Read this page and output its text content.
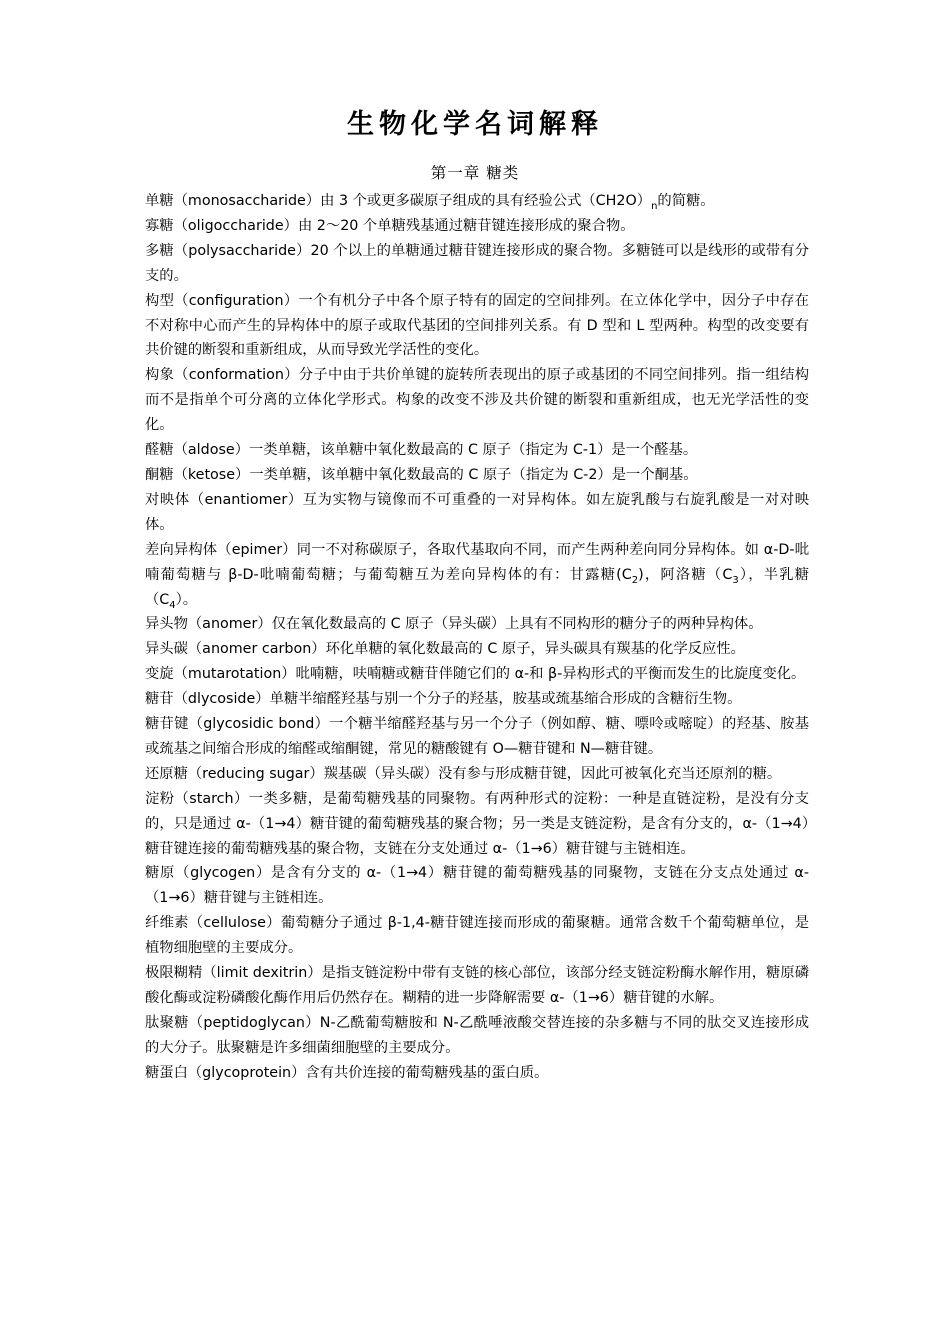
生物化学名词解释
第一章 糖类

单糖（monosaccharide）由 3 个或更多碳原子组成的具有经验公式$(CH2O)_n$的简糖。

寡糖（oligoccharide）由 2～20 个单糖残基通过糖苷键连接形成的聚合物。

多糖（polysaccharide）20 个以上的单糖通过糖苷键连接形成的聚合物。多糖链可以是线形的或带有分支的。

构型（configuration）一个有机分子中各个原子特有的固定的空间排列。在立体化学中，因分子中存在不对称中心而产生的异构体中的原子或取代基团的空间排列关系。有 D 型和 L 型两种。构型的改变要有共价键的断裂和重新组成，从而导致光学活性的变化。

构象（conformation）分子中由于共价单键的旋转所表现出的原子或基团的不同空间排列。指一组结构而不是指单个可分离的立体化学形式。构象的改变不涉及共价键的断裂和重新组成，也无光学活性的变化。

醛糖（aldose）一类单糖，该单糖中氧化数最高的 C 原子（指定为 C-1）是一个醛基。

酮糖（ketose）一类单糖，该单糖中氧化数最高的 C 原子（指定为 C-2）是一个酮基。

对映体（enantiomer）互为实物与镜像而不可重叠的一对异构体。如左旋乳酸与右旋乳酸是一对对映体。

差向异构体（epimer）同一不对称碳原子，各取代基取向不同，而产生两种差向同分异构体。如 α-D-吡喃葡萄糖与 β-D-吡喃葡萄糖；与葡萄糖互为差向异构体的有：甘露糖$(C_2)$，阿洛糖$(C_3)$，半乳糖$(C_4)$。

异头物（anomer）仅在氧化数最高的 C 原子（异头碳）上具有不同构形的糖分子的两种异构体。

异头碳（anomer carbon）环化单糖的氧化数最高的 C 原子，异头碳具有羰基的化学反应性。

变旋（mutarotation）吡喃糖，呋喃糖或糖苷伴随它们的 α-和 β-异构形式的平衡而发生的比旋度变化。

糖苷（dlycoside）单糖半缩醛羟基与别一个分子的羟基，胺基或巯基缩合形成的含糖衍生物。

糖苷键（glycosidic bond）一个糖半缩醛羟基与另一个分子（例如醇、糖、嘌呤或嘧啶）的羟基、胺基或巯基之间缩合形成的缩醛或缩酮键，常见的糖酸键有 O—糖苷键和 N—糖苷键。

还原糖（reducing sugar）羰基碳（异头碳）没有参与形成糖苷键，因此可被氧化充当还原剂的糖。

淀粉（starch）一类多糖，是葡萄糖残基的同聚物。有两种形式的淀粉：一种是直链淀粉，是没有分支的，只是通过 α-（1→4）糖苷键的葡萄糖残基的聚合物；另一类是支链淀粉，是含有分支的，α-（1→4）糖苷键连接的葡萄糖残基的聚合物，支链在分支处通过 α-（1→6）糖苷键与主链相连。

糖原（glycogen）是含有分支的 α-（1→4）糖苷键的葡萄糖残基的同聚物，支链在分支点处通过 α-（1→6）糖苷键与主链相连。

纤维素（cellulose）葡萄糖分子通过 β-1,4-糖苷键连接而形成的葡聚糖。通常含数千个葡萄糖单位，是植物细胞壁的主要成分。

极限糊精（limit dexitrin）是指支链淀粉中带有支链的核心部位，该部分经支链淀粉酶水解作用，糖原磷酸化酶或淀粉磷酸化酶作用后仍然存在。糊精的进一步降解需要 α-（1→6）糖苷键的水解。

肽聚糖（peptidoglycan）N-乙酰葡萄糖胺和 N-乙酰唾液酸交替连接的杂多糖与不同的肽交叉连接形成的大分子。肽聚糖是许多细菌细胞壁的主要成分。

糖蛋白（glycoprotein）含有共价连接的葡萄糖残基的蛋白质。
